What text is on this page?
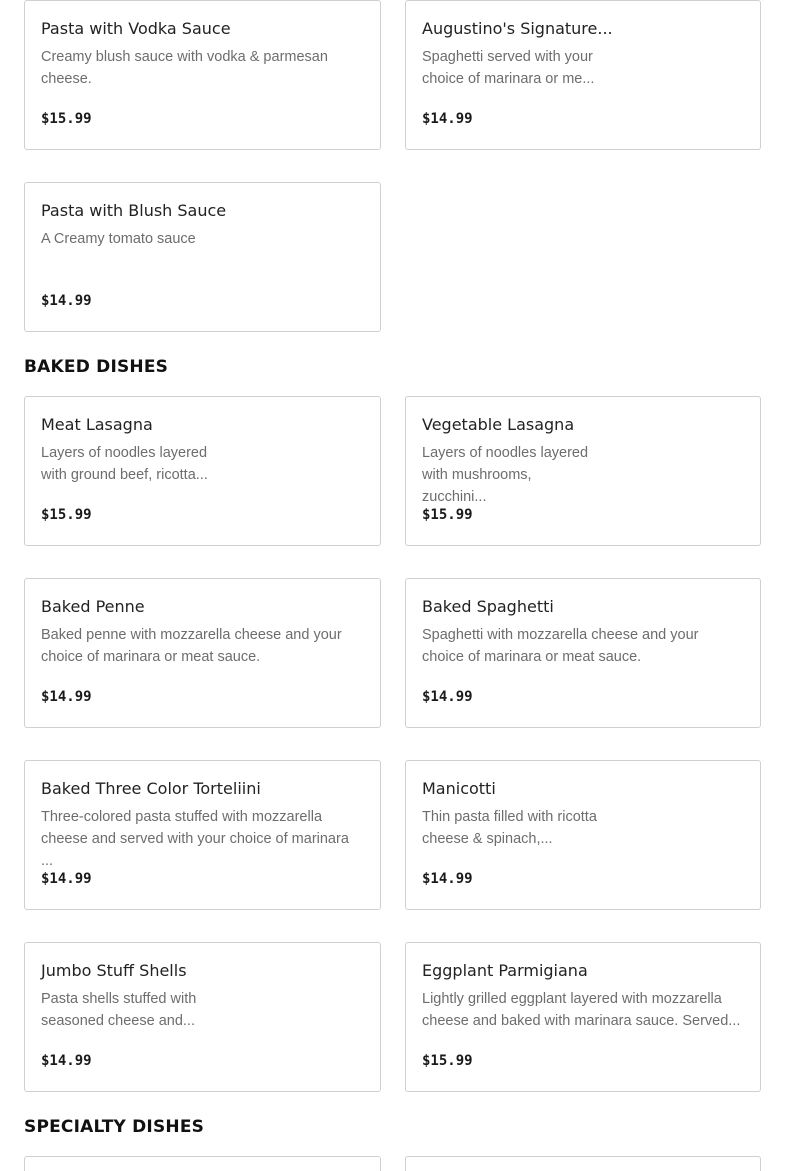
Pasta with Vodka Sauce

Creamy blush sauce with vodka & parmesan cheese.

$15.99

Augustino's Signature...

Spaghetti served with your choice of marinara or me...

$14.99

Pasta with Blush Sauce

A Creamy tomato sauce

$14.99

BAKED DISHES
Meat Lasagna

Layers of noodles layered with ground beef, ricotta...

$15.99

Vegetable Lasagna

Layers of noodles layered with mushrooms, zucchini...

$15.99

Baked Penne

Baked penne with mozzarella cheese and your choice of marinara or meat sauce.

$14.99

Baked Spaghetti

Spaghetti with mozzarella cheese and your choice of marinara or meat sauce.

$14.99

Baked Three Color Torteliini

Three-colored pasta stuffed with mozzarella cheese and served with your choice of marinara ...

$14.99

Manicotti

Thin pasta filled with ricotta cheese & spinach,...

$14.99

Jumbo Stuff Shells

Pasta shells stuffed with seasoned cheese and...

$14.99

Eggplant Parmigiana

Lightly grilled eggplant layered with mozzarella cheese and baked with marinara sauce. Served...

$15.99

SPECIALTY DISHES
